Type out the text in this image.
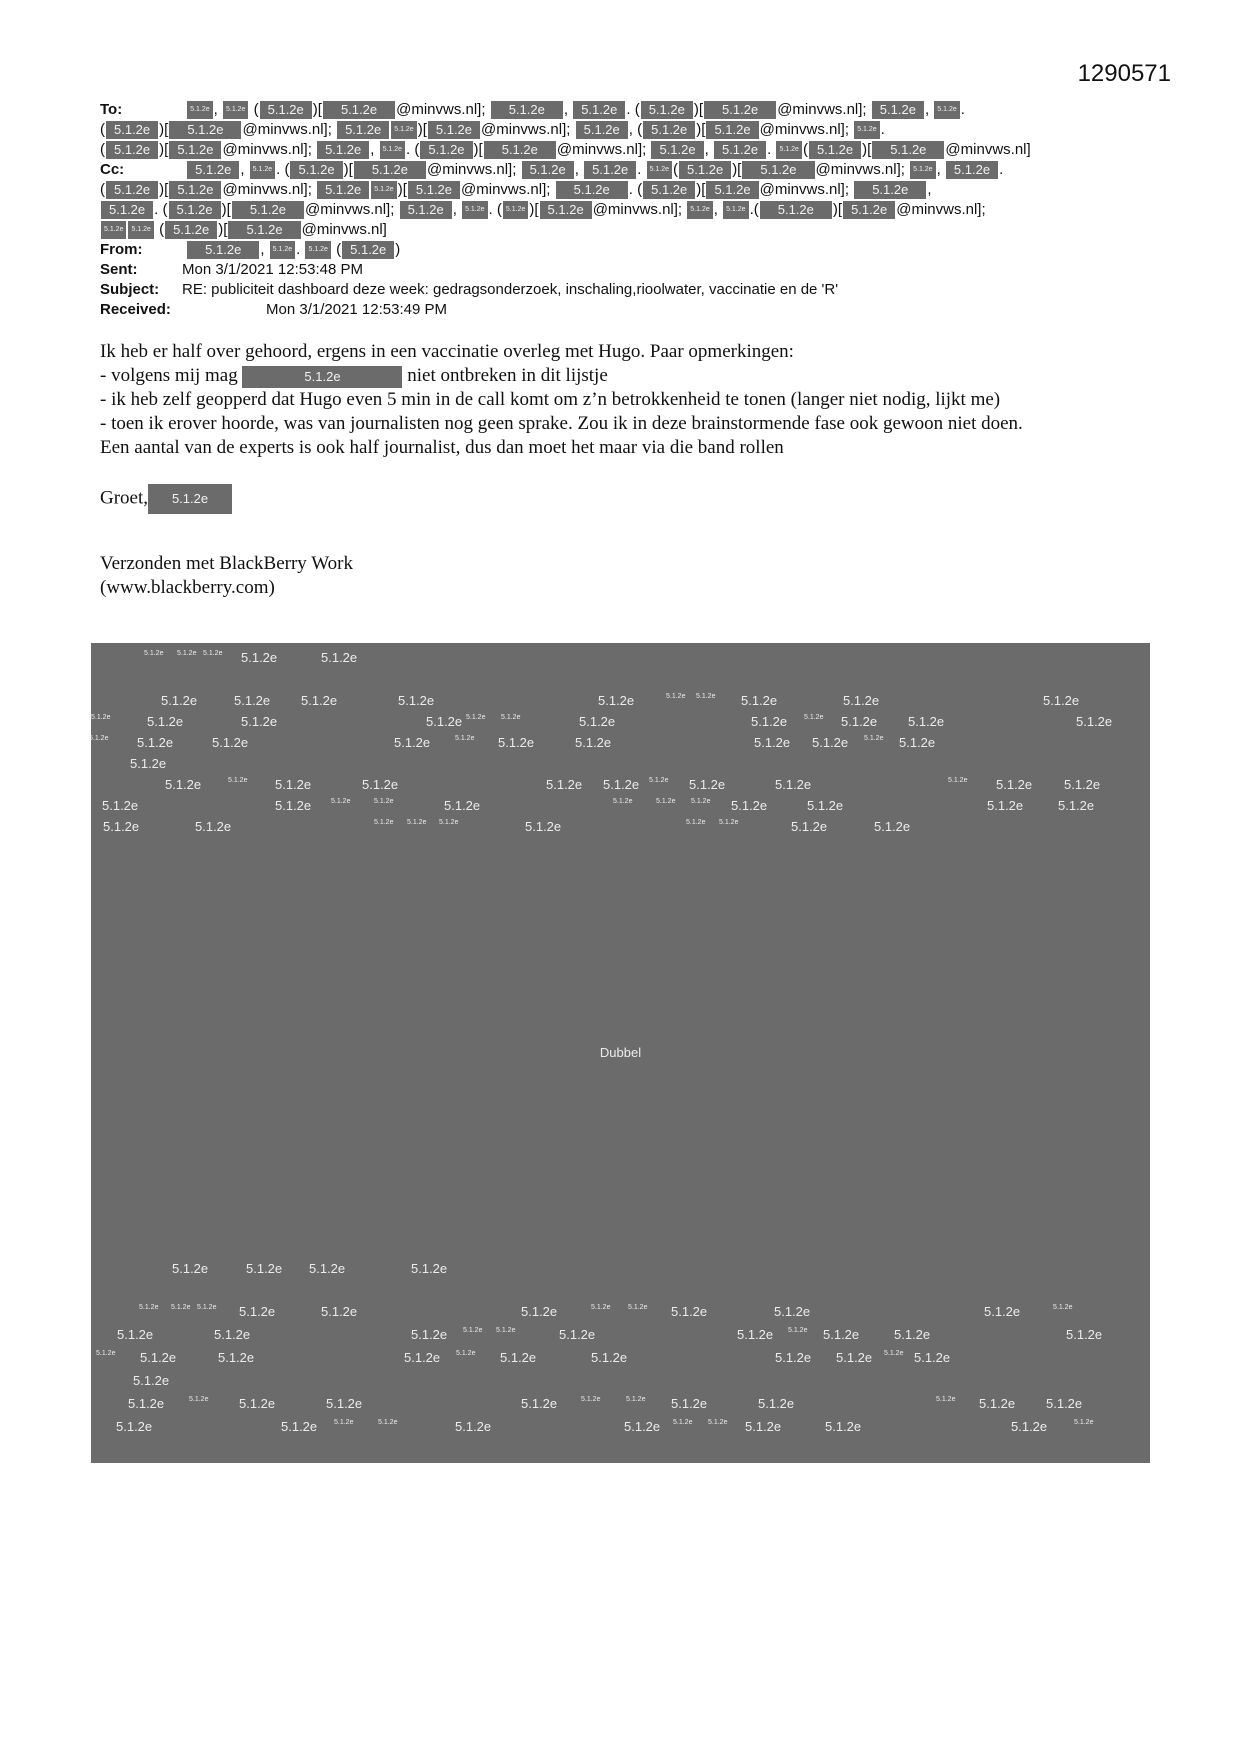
1290571
To:	5.1.2e , 5.1.2e ( 5.1.2e )[ 5.1.2e @minvws.nl]; 5.1.2e , 5.1.2e . ( 5.1.2e )[ 5.1.2e @minvws.nl]; 5.1.2e , 5.1.2e .
( 5.1.2e )[ 5.1.2e @minvws.nl]; 5.1.2e 5.1.2e )[ 5.1.2e @minvws.nl]; 5.1.2e , ( 5.1.2e )[ 5.1.2e @minvws.nl]; 5.1.2e .
( 5.1.2e )[ 5.1.2e @minvws.nl]; 5.1.2e , 5.1.2e . ( 5.1.2e )[ 5.1.2e @minvws.nl]; 5.1.2e , 5.1.2e . 5.1.2e ( 5.1.2e )[ 5.1.2e @minvws.nl]
Cc:	5.1.2e , 5.1.2e . ( 5.1.2e )[ 5.1.2e @minvws.nl]; 5.1.2e , 5.1.2e . 5.1.2e ( 5.1.2e )[ 5.1.2e @minvws.nl]; 5.1.2e , 5.1.2e .
( 5.1.2e )[ 5.1.2e @minvws.nl]; 5.1.2e 5.1.2e )[ 5.1.2e @minvws.nl]; 5.1.2e . ( 5.1.2e )[ 5.1.2e @minvws.nl]; 5.1.2e ,
5.1.2e . ( 5.1.2e )[ 5.1.2e @minvws.nl]; 5.1.2e , 5.1.2e . ( 5.1.2e )[ 5.1.2e @minvws.nl]; 5.1.2e , 5.1.2e .( 5.1.2e )[ 5.1.2e @minvws.nl];
5.1.2e 5.1.2e ( 5.1.2e )[ 5.1.2e @minvws.nl]
From:	5.1.2e , 5.1.2e . 5.1.2e ( 5.1.2e )
Sent:	Mon 3/1/2021 12:53:48 PM
Subject: RE: publiciteit dashboard deze week: gedragsonderzoek, inschaling,rioolwater, vaccinatie en de 'R'
Received:	Mon 3/1/2021 12:53:49 PM

Ik heb er half over gehoord, ergens in een vaccinatie overleg met Hugo. Paar opmerkingen:

- volgens mij mag	5.1.2e	niet ontbreken in dit lijstje

- ik heb zelf geopperd dat Hugo even 5 min in de call komt om z’n betrokkenheid te tonen (langer niet nodig, lijkt me)

- toen ik erover hoorde, was van journalisten nog geen sprake. Zou ik in deze brainstormende fase ook gewoon niet doen.

Een aantal van de experts is ook half journalist, dus dan moet het maar via die band rollen

Groet, 5.1.2e

Verzonden met BlackBerry Work

(www.blackberry.com)

5.1.2e 5.1.2e 5.1.2e 5.1.2e	5.1.2e
5.1.2e	5.1.2e 5.1.2e	5.1.2e	5.1.2e	5.1.2e 5.1.2e 5.1.2e	5.1.2e	5.1.2e
5.1.2e	5.1.2e	5.1.2e	5.1.2e 5.1.2e 5.1.2e	5.1.2e	5.1.2e 5.1.2e 5.1.2e 5.1.2e	5.1.2e
5.1.2e 5.1.2e	5.1.2e	5.1.2e	5.1.2e 5.1.2e	5.1.2e	5.1.2e 5.1.2e 5.1.2e 5.1.2e
5.1.2e
5.1.2e	5.1.2e 5.1.2e	5.1.2e	5.1.2e 5.1.2e 5.1.2e 5.1.2e	5.1.2e	5.1.2e 5.1.2e 5.1.2e
5.1.2e	5.1.2e	5.1.2e	5.1.2e	5.1.2e	5.1.2e	5.1.2e 5.1.2e 5.1.2e	5.1.2e	5.1.2e	5.1.2e
5.1.2e	5.1.2e	5.1.2e 5.1.2e 5.1.2e	5.1.2e	5.1.2e 5.1.2e	5.1.2e	5.1.2e
Dubbel
5.1.2e	5.1.2e 5.1.2e	5.1.2e
5.1.2e 5.1.2e 5.1.2e 5.1.2e	5.1.2e	5.1.2e	5.1.2e	5.1.2e 5.1.2e	5.1.2e	5.1.2e	5.1.2e
5.1.2e	5.1.2e	5.1.2e 5.1.2e 5.1.2e	5.1.2e	5.1.2e 5.1.2e 5.1.2e	5.1.2e	5.1.2e
5.1.2e 5.1.2e	5.1.2e	5.1.2e 5.1.2e 5.1.2e	5.1.2e	5.1.2e 5.1.2e 5.1.2e 5.1.2e
5.1.2e
5.1.2e	5.1.2e 5.1.2e	5.1.2e	5.1.2e	5.1.2e	5.1.2e 5.1.2e	5.1.2e	5.1.2e 5.1.2e 5.1.2e
5.1.2e	5.1.2e 5.1.2e	5.1.2e	5.1.2e	5.1.2e 5.1.2e 5.1.2e 5.1.2e	5.1.2e	5.1.2e	5.1.2e
